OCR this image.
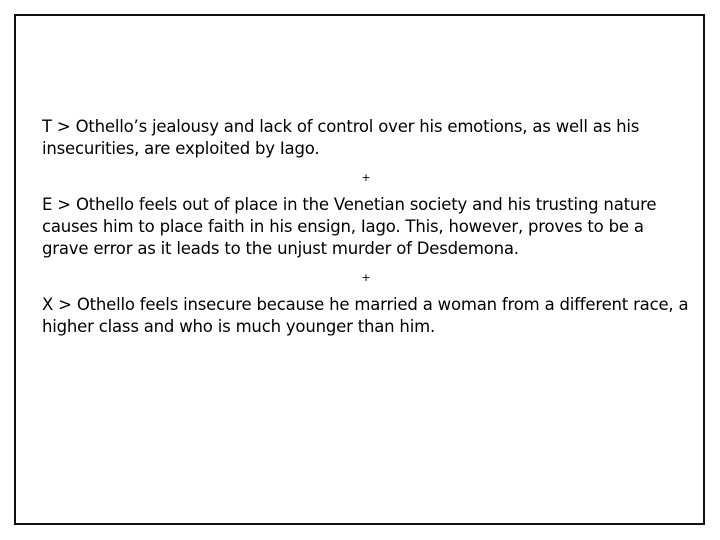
T > Othello’s jealousy and lack of control over his emotions, as well as his insecurities, are exploited by Iago.

+

E > Othello feels out of place in the Venetian society and his trusting nature causes him to place faith in his ensign, Iago. This, however, proves to be a grave error as it leads to the unjust murder of Desdemona.

+

X > Othello feels insecure because he married a woman from a different race, a higher class and who is much younger than him.
